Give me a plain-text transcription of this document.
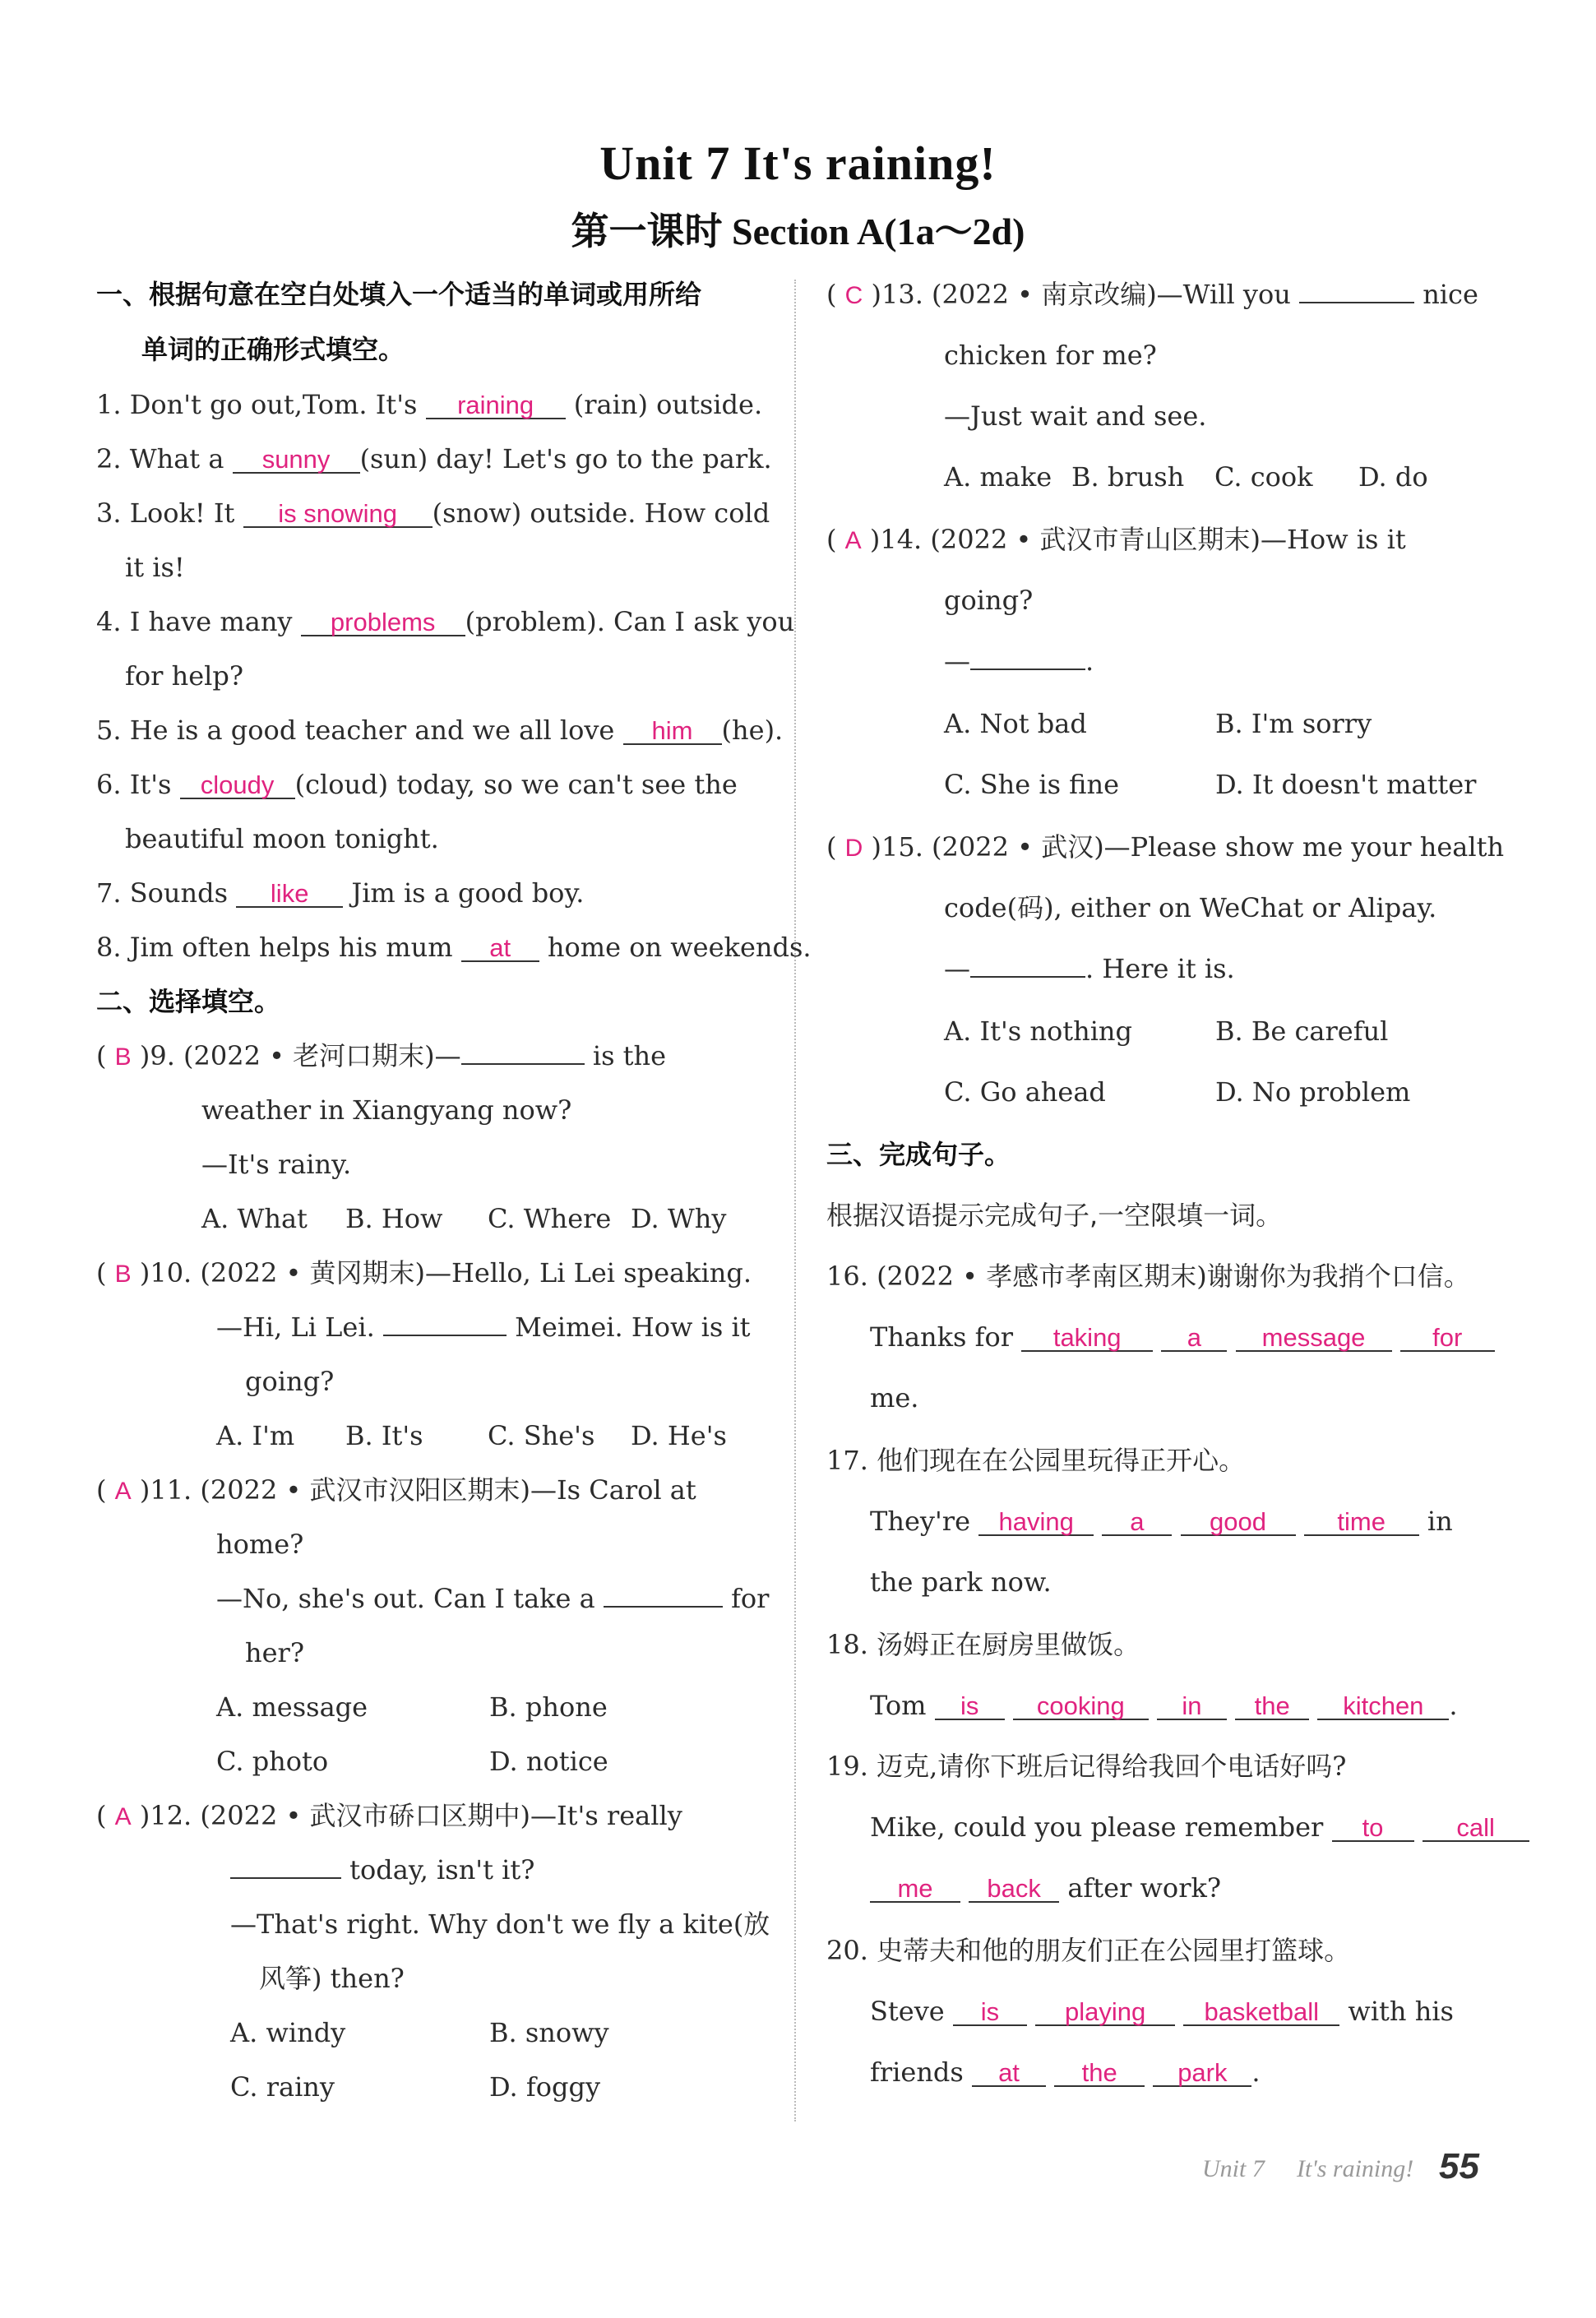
Unit 7 It's raining!
第一课时 Section A(1a～2d)
一、根据句意在空白处填入一个适当的单词或用所给
单词的正确形式填空。
1. Don't go out,Tom. It's raining (rain) outside.
2. What a sunny (sun) day! Let's go to the park.
3. Look! It is snowing (snow) outside. How cold
it is!
4. I have many problems (problem). Can I ask you
for help?
5. He is a good teacher and we all love him (he).
6. It's cloudy (cloud) today, so we can't see the
beautiful moon tonight.
7. Sounds like Jim is a good boy.
8. Jim often helps his mum at home on weekends.
二、选择填空。
( B )9. (2022 • 老河口期末)—	is the
weather in Xiangyang now?
—It's rainy.
A. What B. How C. Where D. Why
( B )10. (2022 • 黄冈期末)—Hello, Li Lei speaking.
—Hi, Li Lei.	Meimei. How is it
going?
A. I'm B. It's C. She's D. He's
( A )11. (2022 • 武汉市汉阳区期末)—Is Carol at
home?
—No, she's out. Can I take a	for
her?
A. message	B. phone
C. photo	D. notice
( A )12. (2022 • 武汉市硚口区期中)—It's really
today, isn't it?
—That's right. Why don't we fly a kite(放
风筝) then?
A. windy	B. snowy
C. rainy	D. foggy
( C )13. (2022 • 南京改编)—Will you	nice
chicken for me?
—Just wait and see.
A. make B. brush C. cook D. do
( A )14. (2022 • 武汉市青山区期末)—How is it
going?
—	.
A. Not bad	B. I'm sorry
C. She is fine	D. It doesn't matter
( D )15. (2022 • 武汉)—Please show me your health
code(码), either on WeChat or Alipay.
—	. Here it is.
A. It's nothing	B. Be careful
C. Go ahead	D. No problem
三、完成句子。
根据汉语提示完成句子,一空限填一词。
16. (2022 • 孝感市孝南区期末)谢谢你为我捎个口信。
Thanks for taking	a message	for
me.
17. 他们现在在公园里玩得正开心。
They're having a	good	time in
the park now.
18. 汤姆正在厨房里做饭。
Tom is cooking in the kitchen .
19. 迈克,请你下班后记得给我回个电话好吗?
Mike, could you please remember to	call
me back after work?
20. 史蒂夫和他的朋友们正在公园里打篮球。
Steve is	playing basketball with his
friends at the park .
Unit 7 It's raining! 55
